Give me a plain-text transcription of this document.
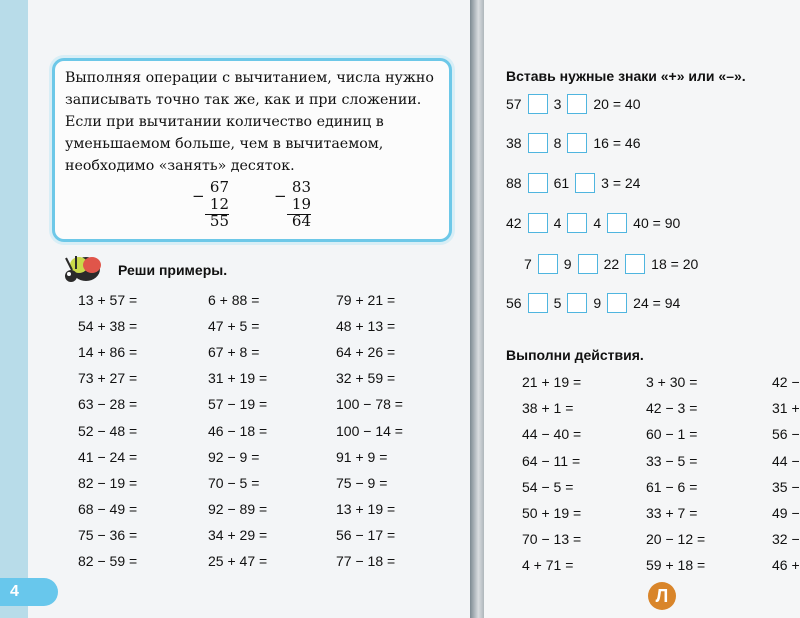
Выполняя операции с вычитанием, числа нужно записывать точно так же, как и при сложении. Если при вычитании количество единиц в уменьшаемом больше, чем в вычитаемом, необходимо «занять» десяток.
− 67
12
55
− 83
19
64
Реши примеры.
13 + 57 =
54 + 38 =
14 + 86 =
73 + 27 =
63 − 28 =
52 − 48 =
41 − 24 =
82 − 19 =
68 − 49 =
75 − 36 =
82 − 59 =
6 + 88 =
47 + 5 =
67 + 8 =
31 + 19 =
57 − 19 =
46 − 18 =
92 − 9 =
70 − 5 =
92 − 89 =
34 + 29 =
25 + 47 =
79 + 21 =
48 + 13 =
64 + 26 =
32 + 59 =
100 − 78 =
100 − 14 =
91 + 9 =
75 − 9 =
13 + 19 =
56 − 17 =
77 − 18 =
4
Вставь нужные знаки «+» или «–».
57 3 20 = 40
38 8 16 = 46
88 61 3 = 24
42 4 4 40 = 90
7 9 22 18 = 20
56 5 9 24 = 94
Выполни действия.
21 + 19 =
38 + 1 =
44 − 40 =
64 − 11 =
54 − 5 =
50 + 19 =
70 − 13 =
4 + 71 =
3 + 30 =
42 − 3 =
60 − 1 =
33 − 5 =
61 − 6 =
33 + 7 =
20 − 12 =
59 + 18 =
42 −
31 +
56 −
44 −
35 −
49 −
32 −
46 +
Л
